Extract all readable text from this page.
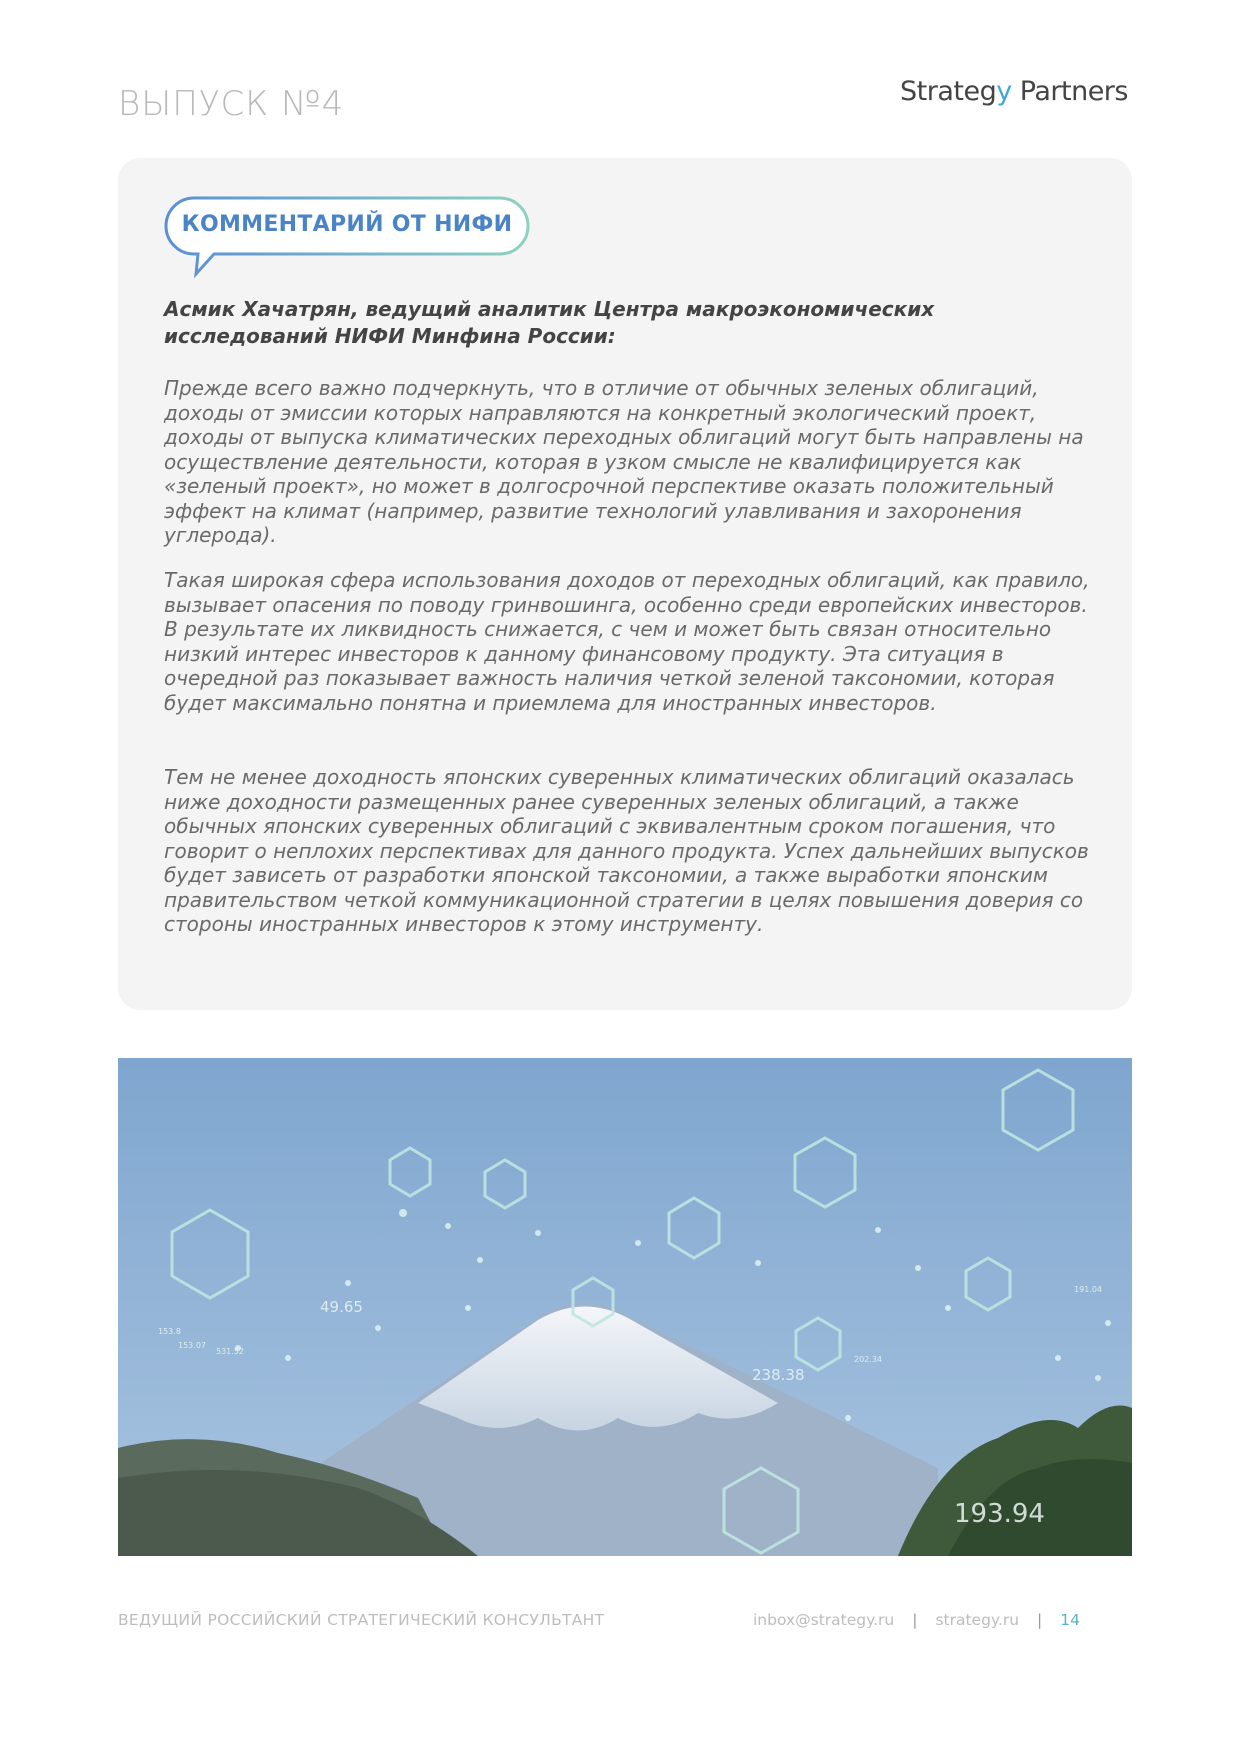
ВЫПУСК №4	Strategy Partners
КОММЕНТАРИЙ ОТ НИФИ
Асмик Хачатрян, ведущий аналитик Центра макроэкономических исследований НИФИ Минфина России:

Прежде всего важно подчеркнуть, что в отличие от обычных зеленых облигаций, доходы от эмиссии которых направляются на конкретный экологический проект, доходы от выпуска климатических переходных облигаций могут быть направлены на осуществление деятельности, которая в узком смысле не квалифицируется как «зеленый проект», но может в долгосрочной перспективе оказать положительный эффект на климат (например, развитие технологий улавливания и захоронения углерода).

Такая широкая сфера использования доходов от переходных облигаций, как правило, вызывает опасения по поводу гринвошинга, особенно среди европейских инвесторов. В результате их ликвидность снижается, с чем и может быть связан относительно низкий интерес инвесторов к данному финансовому продукту. Эта ситуация в очередной раз показывает важность наличия четкой зеленой таксономии, которая будет максимально понятна и приемлема для иностранных инвесторов.

Тем не менее доходность японских суверенных климатических облигаций оказалась ниже доходности размещенных ранее суверенных зеленых облигаций, а также обычных японских суверенных облигаций с эквивалентным сроком погашения, что говорит о неплохих перспективах для данного продукта. Успех дальнейших выпусков будет зависеть от разработки японской таксономии, а также выработки японским правительством четкой коммуникационной стратегии в целях повышения доверия со стороны иностранных инвесторов к этому инструменту.

49.65
238.38
193.94
153.8
202.34
191.04
531.52
153.07
ВЕДУЩИЙ РОССИЙСКИЙ СТРАТЕГИЧЕСКИЙ КОНСУЛЬТАНТ	inbox@strategy.ru | strategy.ru | 14
